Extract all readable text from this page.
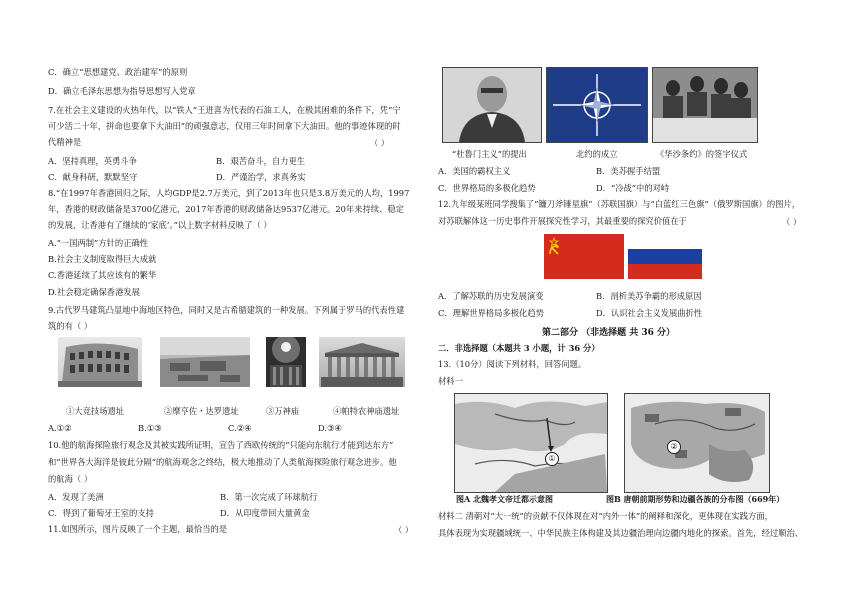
C．确立“思想建党、政治建军”的原则
D．确立毛泽东思想为指导思想写入党章
7.在社会主义建设的火热年代，以“铁人”王进喜为代表的石油工人，在极其困难的条件下，凭“宁
可少活二十年，拼命也要拿下大油田”的顽强意志，仅用三年时间拿下大油田。他的事迹体现的时
代精神是	（ ）
A．坚持真理，英勇斗争	B．艰苦奋斗，自力更生
C．献身科研，默默坚守	D．严谨治学，求真务实
8.“在1997年香港回归之际，人均GDP是2.7万美元，到了2013年也只是3.8万美元的人均，1997
年，香港的财政储备是3700亿港元，2017年香港的财政储备达9537亿港元。20年来持续、稳定
的发展，让香港有了继续的‘家底’。”以上数字材料反映了（ ）
A.“一国两制”方针的正确性
B.社会主义制度取得巨大成就
C.香港延续了其应该有的繁华
D.社会稳定确保香港发展
9.古代罗马建筑凸显地中海地区特色，同时又是古希腊建筑的一种发展。下列属于罗马的代表性建
筑的有（ ）
①大竞技场遗址	②摩亨佐・达罗遗址	③万神庙	④帕特农神庙遗址
A.①②	B.①③	C.②④	D.③④
10.他的航海探险旅行观念及其被实践所证明，宣告了西欧传统的“只能向东航行才能到达东方”
和“世界各大海洋是彼此分隔”的航海观念之终结，极大地推动了人类航海探险旅行观念进步。他
的航海（ ）
A．发现了美洲	B．第一次完成了环球航行
C．得到了葡萄牙王室的支持	D．从印度带回大量黄金
11.如图所示，图片反映了一个主题，最恰当的是	（ ）
“杜鲁门主义”的提出	北约的成立	《华沙条约》的签字仪式
A．美国的霸权主义	B．美苏握手结盟
C．世界格局的多极化趋势	D．“冷战”中的对峙
12.九年级某班同学搜集了“镰刀斧锤星旗”（苏联国旗）与“白蓝红三色旗”（俄罗斯国旗）的图片，
对苏联解体这一历史事件开展探究性学习，其最重要的探究价值在于	（ ）
A．了解苏联的历史发展演变	B．剖析美苏争霸的形成原因
C．理解世界格局多极化趋势	D．认识社会主义发展曲折性
第二部分 （非选择题 共 36 分）
二．非选择题（本题共 3 小题，计 36 分）
13.（10分）阅读下列材料，回答问题。
材料一
①
②
图A 北魏孝文帝迁都示意图	图B 唐朝前期形势和边疆各族的分布图（669年）
材料二 清朝对“大一统”的贡献不仅体现在对“内外一体”的阐释和深化，更体现在实践方面，
具体表现为实现疆域统一、中华民族主体构建及其边疆治理向边疆内地化的探索。首先，经过顺治、
